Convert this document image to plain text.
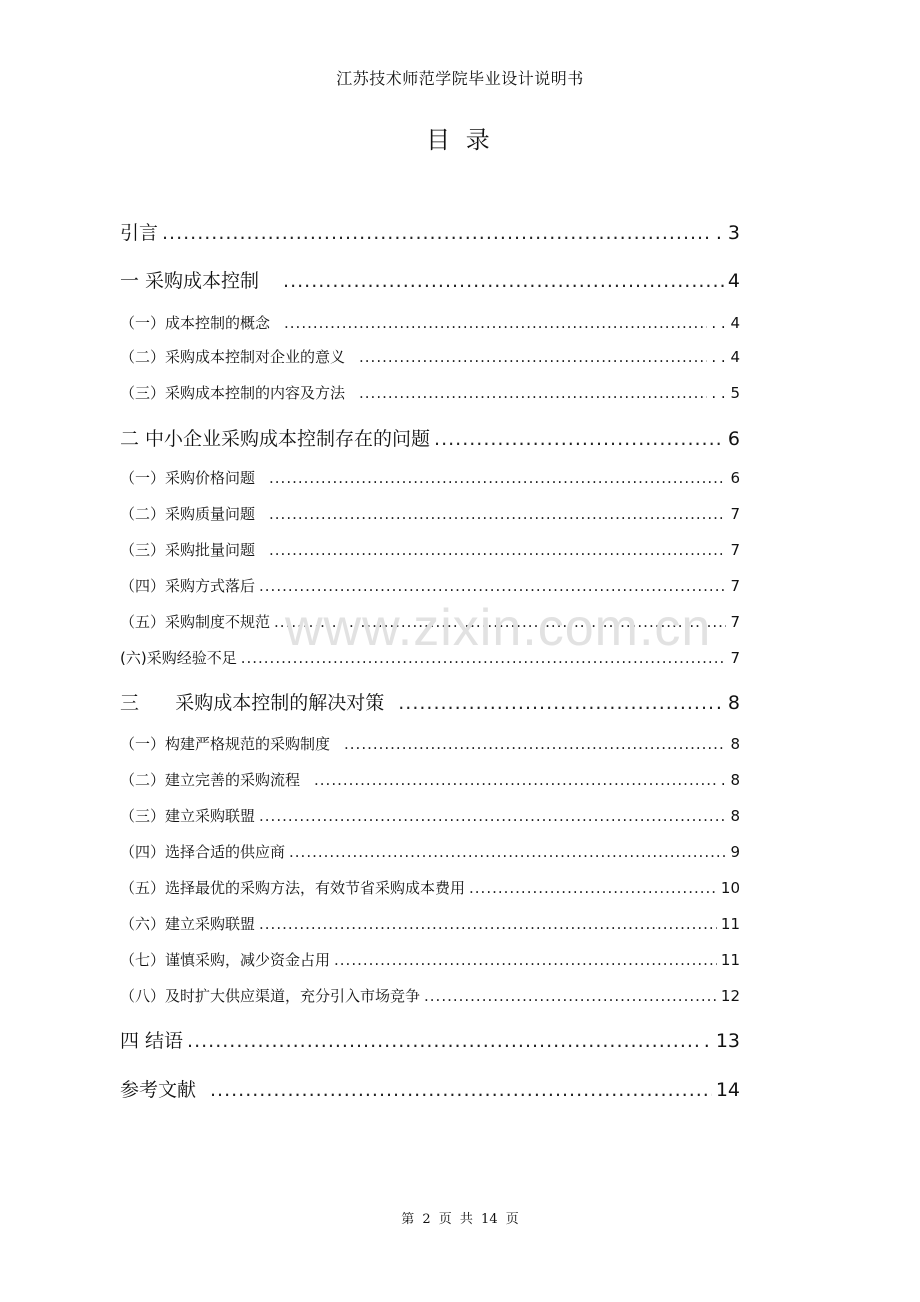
江苏技术师范学院毕业设计说明书
目 录
引言 .....	. 3
一 采购成本控制 .....	4
（一）成本控制的概念 .....	. . 4
（二）采购成本控制对企业的意义 .....	. . 4
（三）采购成本控制的内容及方法 .....	. . 5
二 中小企业采购成本控制存在的问题 .....	6
（一）采购价格问题 .....	6
（二）采购质量问题 .....	7
（三）采购批量问题 .....	7
（四）采购方式落后 .....	7
（五）采购制度不规范 .....	7
(六)采购经验不足 .....	7
三      采购成本控制的解决对策 .....	. 8
（一）构建严格规范的采购制度 .....	8
（二）建立完善的采购流程 .....	. 8
（三）建立采购联盟 .....	8
（四）选择合适的供应商 .....	9
（五）选择最优的采购方法，有效节省采购成本费用 .....	10
（六）建立采购联盟 .....	11
（七）谨慎采购，减少资金占用 .....	11
（八）及时扩大供应渠道，充分引入市场竞争 .....	12
四 结语 .....	. 13
参考文献 .....	14
www.zixin.com.cn
第 2 页 共 14 页
